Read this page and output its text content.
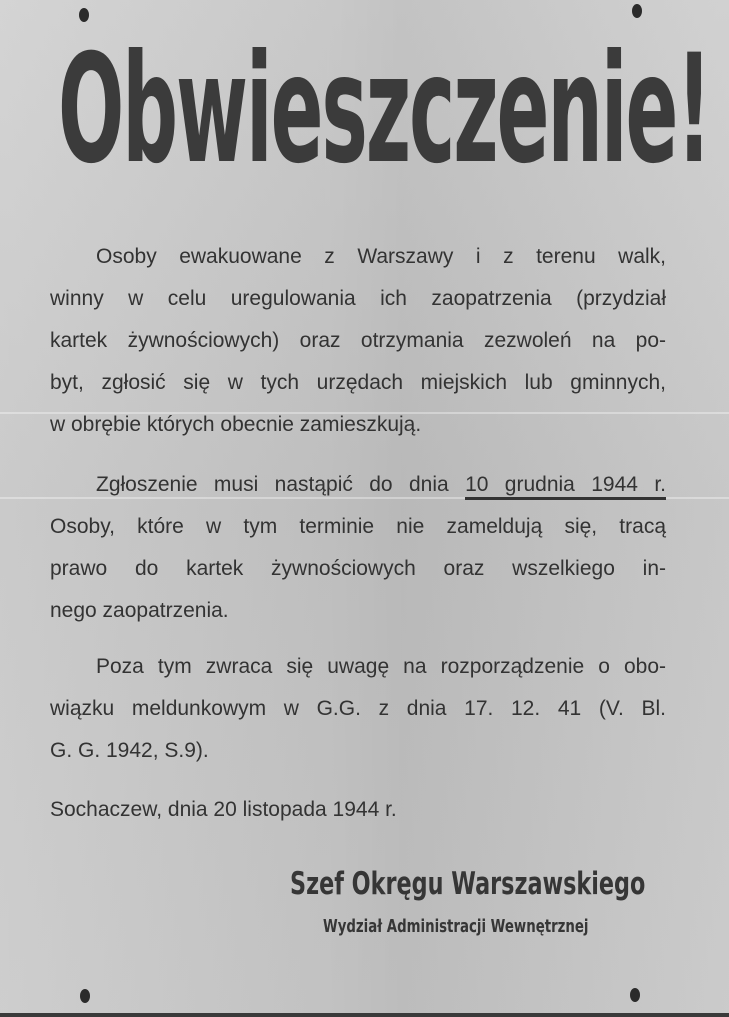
Obwieszczenie!
Osoby ewakuowane z Warszawy i z terenu walk,
winny w celu uregulowania ich zaopatrzenia (przydział
kartek żywnościowych) oraz otrzymania zezwoleń na po-
byt, zgłosić się w tych urzędach miejskich lub gminnych,
w obrębie których obecnie zamieszkują.
Zgłoszenie musi nastąpić do dnia 10 grudnia 1944 r.
Osoby, które w tym terminie nie zameldują się, tracą
prawo do kartek żywnościowych oraz wszelkiego in-
nego zaopatrzenia.
Poza tym zwraca się uwagę na rozporządzenie o obo-
wiązku meldunkowym w G.G. z dnia 17. 12. 41 (V. Bl.
G. G. 1942, S.9).
Sochaczew, dnia 20 listopada 1944 r.
Szef Okręgu Warszawskiego
Wydział Administracji Wewnętrznej
